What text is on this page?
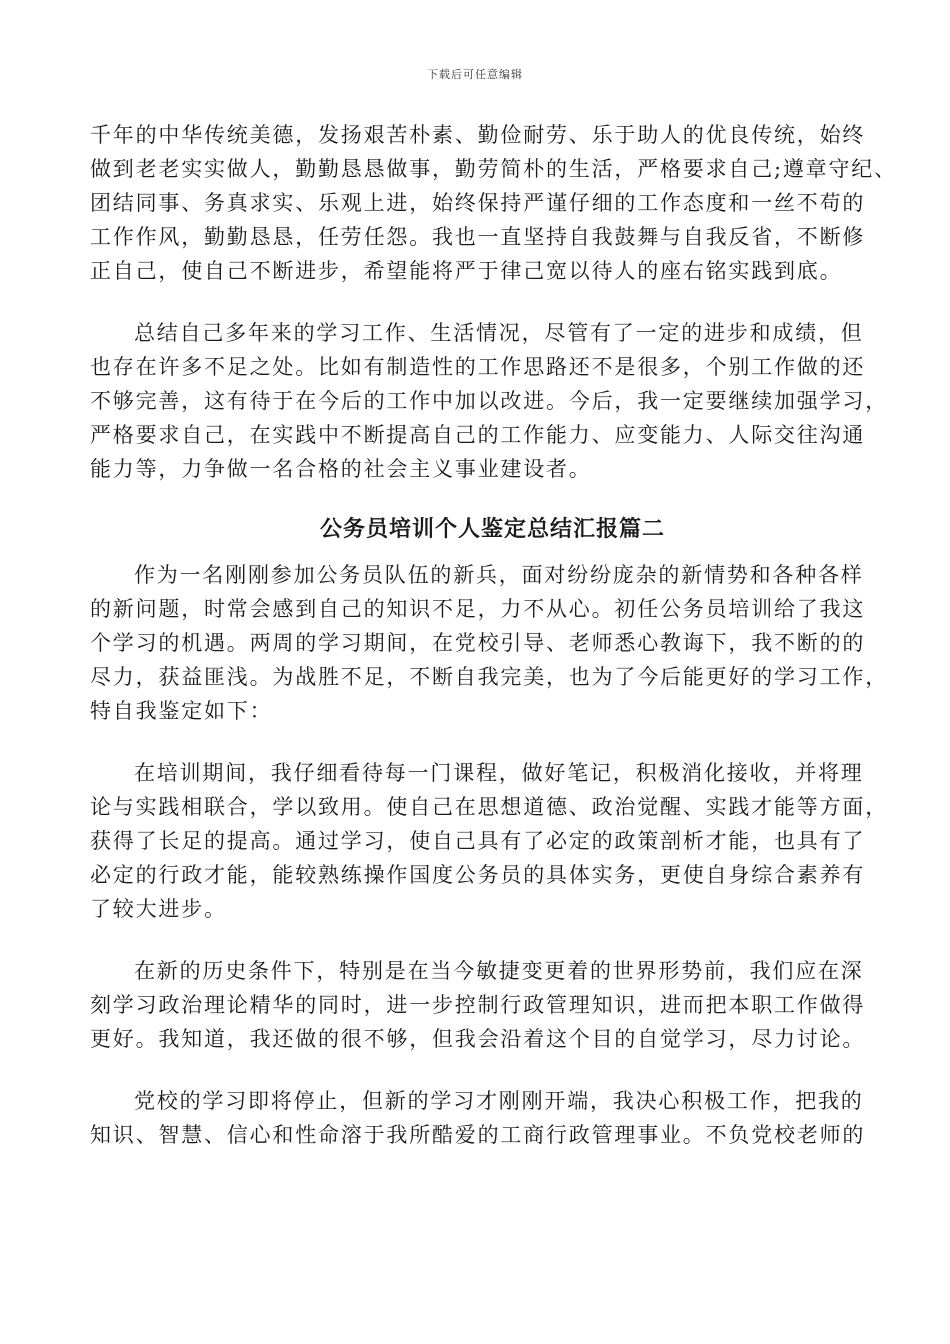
下载后可任意编辑
千年的中华传统美德，发扬艰苦朴素、勤俭耐劳、乐于助人的优良传统，始终
做到老老实实做人，勤勤恳恳做事，勤劳简朴的生活，严格要求自己;遵章守纪、
团结同事、务真求实、乐观上进，始终保持严谨仔细的工作态度和一丝不苟的
工作作风，勤勤恳恳，任劳任怨。我也一直坚持自我鼓舞与自我反省，不断修
正自己，使自己不断进步，希望能将严于律己宽以待人的座右铭实践到底。
总结自己多年来的学习工作、生活情况，尽管有了一定的进步和成绩，但
也存在许多不足之处。比如有制造性的工作思路还不是很多，个别工作做的还
不够完善，这有待于在今后的工作中加以改进。今后，我一定要继续加强学习，
严格要求自己，在实践中不断提高自己的工作能力、应变能力、人际交往沟通
能力等，力争做一名合格的社会主义事业建设者。
公务员培训个人鉴定总结汇报篇二
作为一名刚刚参加公务员队伍的新兵，面对纷纷庞杂的新情势和各种各样
的新问题，时常会感到自己的知识不足，力不从心。初任公务员培训给了我这
个学习的机遇。两周的学习期间，在党校引导、老师悉心教诲下，我不断的的
尽力，获益匪浅。为战胜不足，不断自我完美，也为了今后能更好的学习工作，
特自我鉴定如下：
在培训期间，我仔细看待每一门课程，做好笔记，积极消化接收，并将理
论与实践相联合，学以致用。使自己在思想道德、政治觉醒、实践才能等方面，
获得了长足的提高。通过学习，使自己具有了必定的政策剖析才能，也具有了
必定的行政才能，能较熟练操作国度公务员的具体实务，更使自身综合素养有
了较大进步。
在新的历史条件下，特别是在当今敏捷变更着的世界形势前，我们应在深
刻学习政治理论精华的同时，进一步控制行政管理知识，进而把本职工作做得
更好。我知道，我还做的很不够，但我会沿着这个目的自觉学习，尽力讨论。
党校的学习即将停止，但新的学习才刚刚开端，我决心积极工作，把我的
知识、智慧、信心和性命溶于我所酷爱的工商行政管理事业。不负党校老师的
